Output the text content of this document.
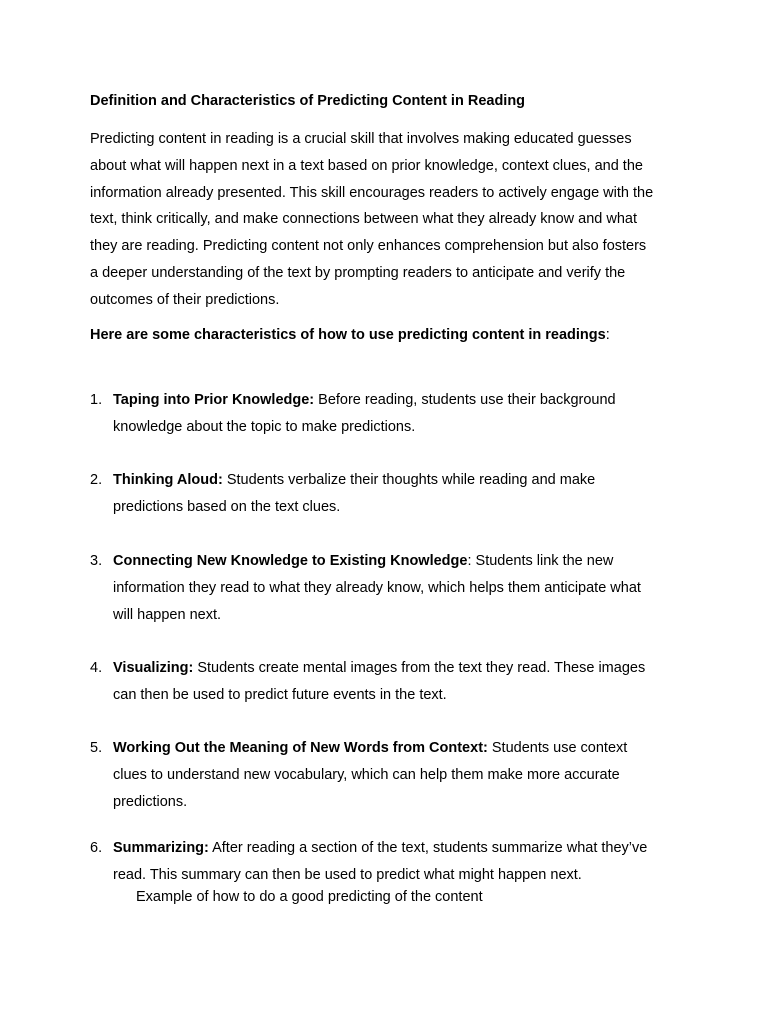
Definition and Characteristics of Predicting Content in Reading

Predicting content in reading is a crucial skill that involves making educated guesses
about what will happen next in a text based on prior knowledge, context clues, and the
information already presented. This skill encourages readers to actively engage with the
text, think critically, and make connections between what they already know and what
they are reading. Predicting content not only enhances comprehension but also fosters
a deeper understanding of the text by prompting readers to anticipate and verify the
outcomes of their predictions.

Here are some characteristics of how to use predicting content in readings:
1. Taping into Prior Knowledge: Before reading, students use their background
knowledge about the topic to make predictions.
2. Thinking Aloud: Students verbalize their thoughts while reading and make
predictions based on the text clues.
3. Connecting New Knowledge to Existing Knowledge: Students link the new
information they read to what they already know, which helps them anticipate what
will happen next.
4. Visualizing: Students create mental images from the text they read. These images
can then be used to predict future events in the text.
5. Working Out the Meaning of New Words from Context: Students use context
clues to understand new vocabulary, which can help them make more accurate
predictions.
6. Summarizing: After reading a section of the text, students summarize what they’ve
read. This summary can then be used to predict what might happen next.
Example of how to do a good predicting of the content
